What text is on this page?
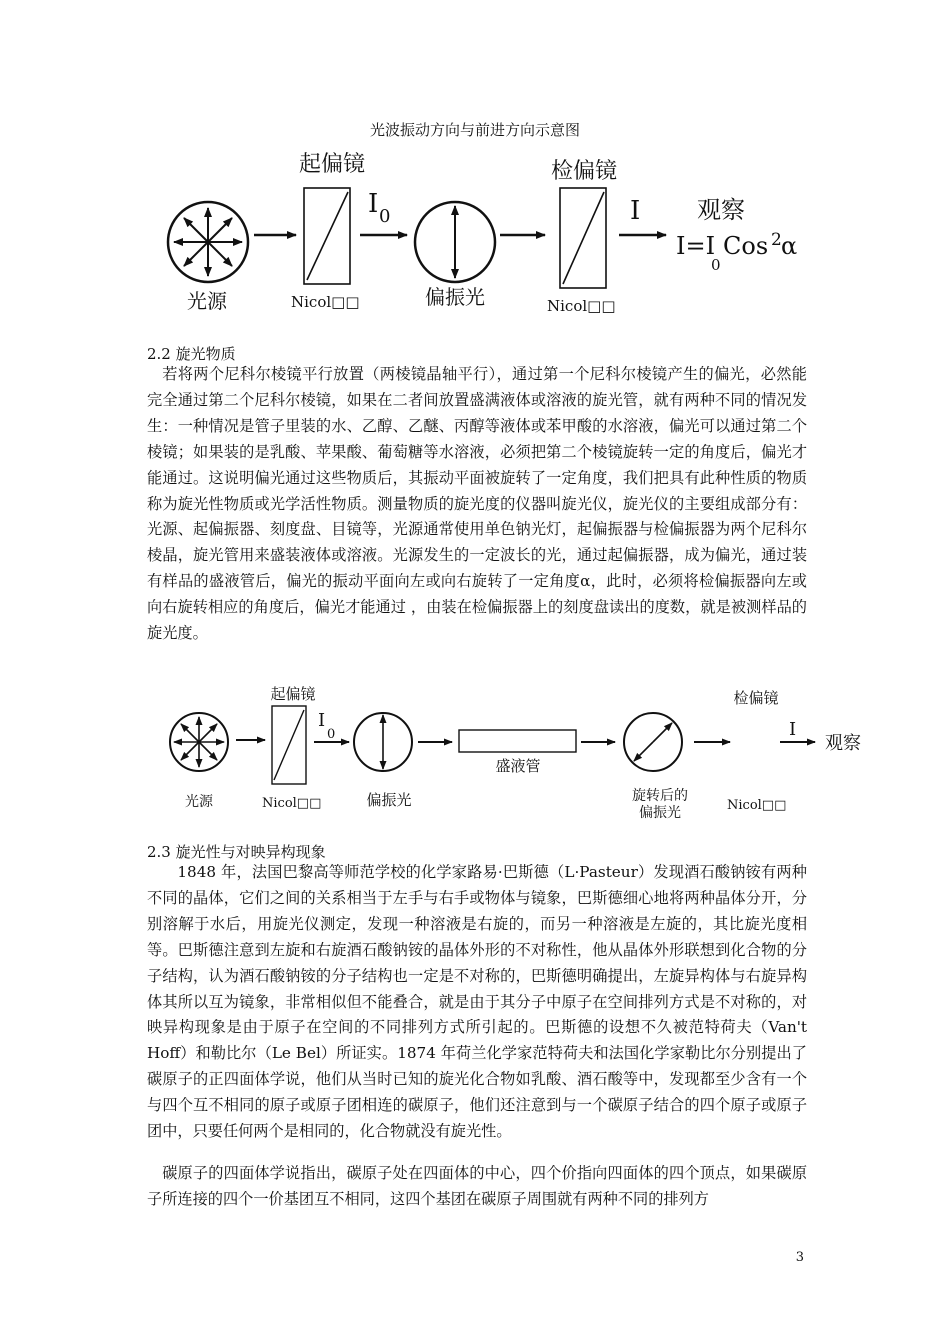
光波振动方向与前进方向示意图
起偏镜
I 0
检偏镜
I 观察
I=I 0 Cos 2 α
光源	Nicol□□	偏振光	Nicol□□
2.2 旋光物质

若将两个尼科尔棱镜平行放置（两棱镜晶轴平行），通过第一个尼科尔棱镜产生的偏光，必然能完全通过第二个尼科尔棱镜，如果在二者间放置盛满液体或溶液的旋光管，就有两种不同的情况发生：一种情况是管子里装的水、乙醇、乙醚、丙醇等液体或苯甲酸的水溶液，偏光可以通过第二个棱镜；如果装的是乳酸、苹果酸、葡萄糖等水溶液，必须把第二个棱镜旋转一定的角度后，偏光才能通过。这说明偏光通过这些物质后，其振动平面被旋转了一定角度，我们把具有此种性质的物质称为旋光性物质或光学活性物质。测量物质的旋光度的仪器叫旋光仪，旋光仪的主要组成部分有：光源、起偏振器、刻度盘、目镜等，光源通常使用单色钠光灯，起偏振器与检偏振器为两个尼科尔棱晶，旋光管用来盛装液体或溶液。光源发生的一定波长的光，通过起偏振器，成为偏光，通过装有样品的盛液管后，偏光的振动平面向左或向右旋转了一定角度α，此时，必须将检偏振器向左或向右旋转相应的角度后，偏光才能通过 ，由装在检偏振器上的刻度盘读出的度数，就是被测样品的旋光度。

起偏镜
I
0
盛液管
检偏镜
I
观察
光源	Nicol□□	偏振光	旋转后的
偏振光	Nicol□□
2.3 旋光性与对映异构现象

1848 年，法国巴黎高等师范学校的化学家路易·巴斯德（L·Pasteur）发现酒石酸钠铵有两种不同的晶体，它们之间的关系相当于左手与右手或物体与镜象，巴斯德细心地将两种晶体分开，分别溶解于水后，用旋光仪测定，发现一种溶液是右旋的，而另一种溶液是左旋的，其比旋光度相等。巴斯德注意到左旋和右旋酒石酸钠铵的晶体外形的不对称性，他从晶体外形联想到化合物的分子结构，认为酒石酸钠铵的分子结构也一定是不对称的，巴斯德明确提出，左旋异构体与右旋异构体其所以互为镜象，非常相似但不能叠合，就是由于其分子中原子在空间排列方式是不对称的，对映异构现象是由于原子在空间的不同排列方式所引起的。巴斯德的设想不久被范特荷夫（Van't Hoff）和勒比尔（Le Bel）所证实。1874 年荷兰化学家范特荷夫和法国化学家勒比尔分别提出了碳原子的正四面体学说，他们从当时已知的旋光化合物如乳酸、酒石酸等中，发现都至少含有一个与四个互不相同的原子或原子团相连的碳原子，他们还注意到与一个碳原子结合的四个原子或原子团中，只要任何两个是相同的，化合物就没有旋光性。

碳原子的四面体学说指出，碳原子处在四面体的中心，四个价指向四面体的四个顶点，如果碳原子所连接的四个一价基团互不相同，这四个基团在碳原子周围就有两种不同的排列方

3
